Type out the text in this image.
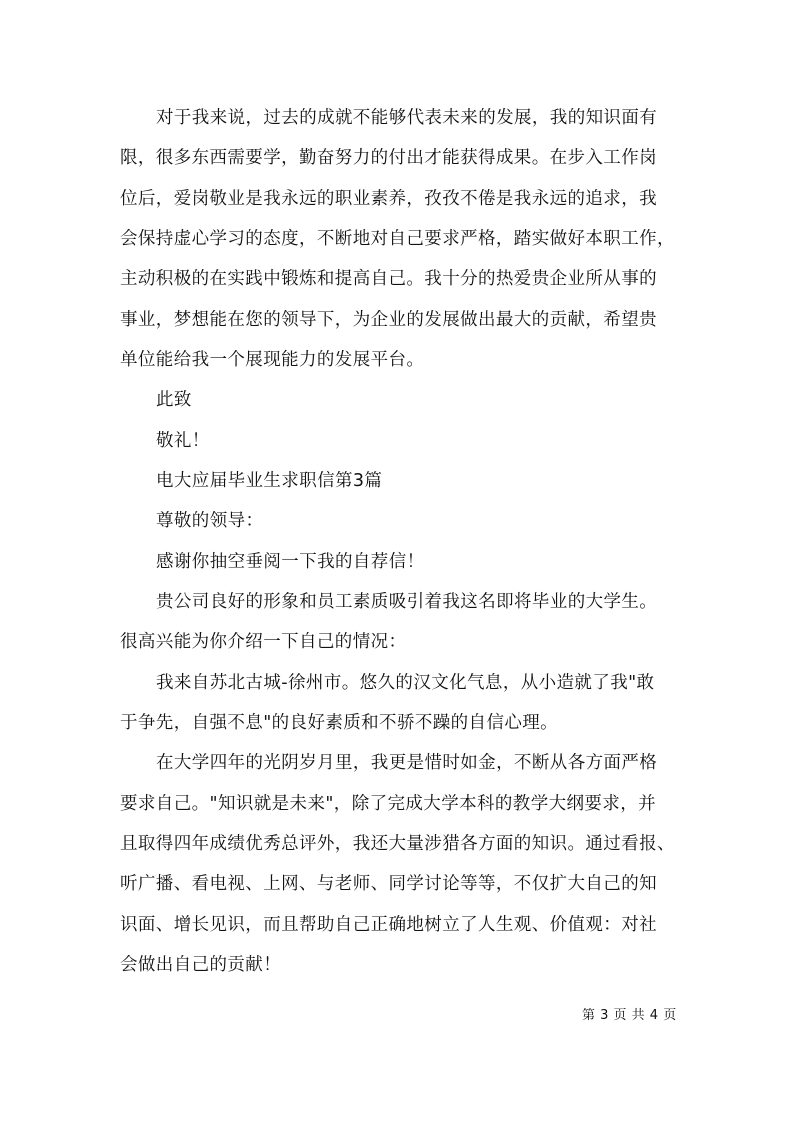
对于我来说，过去的成就不能够代表未来的发展，我的知识面有
限，很多东西需要学，勤奋努力的付出才能获得成果。在步入工作岗
位后，爱岗敬业是我永远的职业素养，孜孜不倦是我永远的追求，我
会保持虚心学习的态度，不断地对自己要求严格，踏实做好本职工作，
主动积极的在实践中锻炼和提高自己。我十分的热爱贵企业所从事的
事业，梦想能在您的领导下，为企业的发展做出最大的贡献，希望贵
单位能给我一个展现能力的发展平台。
此致
敬礼！
电大应届毕业生求职信第3篇
尊敬的领导：
感谢你抽空垂阅一下我的自荐信！
贵公司良好的形象和员工素质吸引着我这名即将毕业的大学生。
很高兴能为你介绍一下自己的情况：
我来自苏北古城-徐州市。悠久的汉文化气息，从小造就了我"敢
于争先，自强不息"的良好素质和不骄不躁的自信心理。
在大学四年的光阴岁月里，我更是惜时如金，不断从各方面严格
要求自己。"知识就是未来"，除了完成大学本科的教学大纲要求，并
且取得四年成绩优秀总评外，我还大量涉猎各方面的知识。通过看报、
听广播、看电视、上网、与老师、同学讨论等等，不仅扩大自己的知
识面、增长见识，而且帮助自己正确地树立了人生观、价值观：对社
会做出自己的贡献！
第 3 页 共 4 页
